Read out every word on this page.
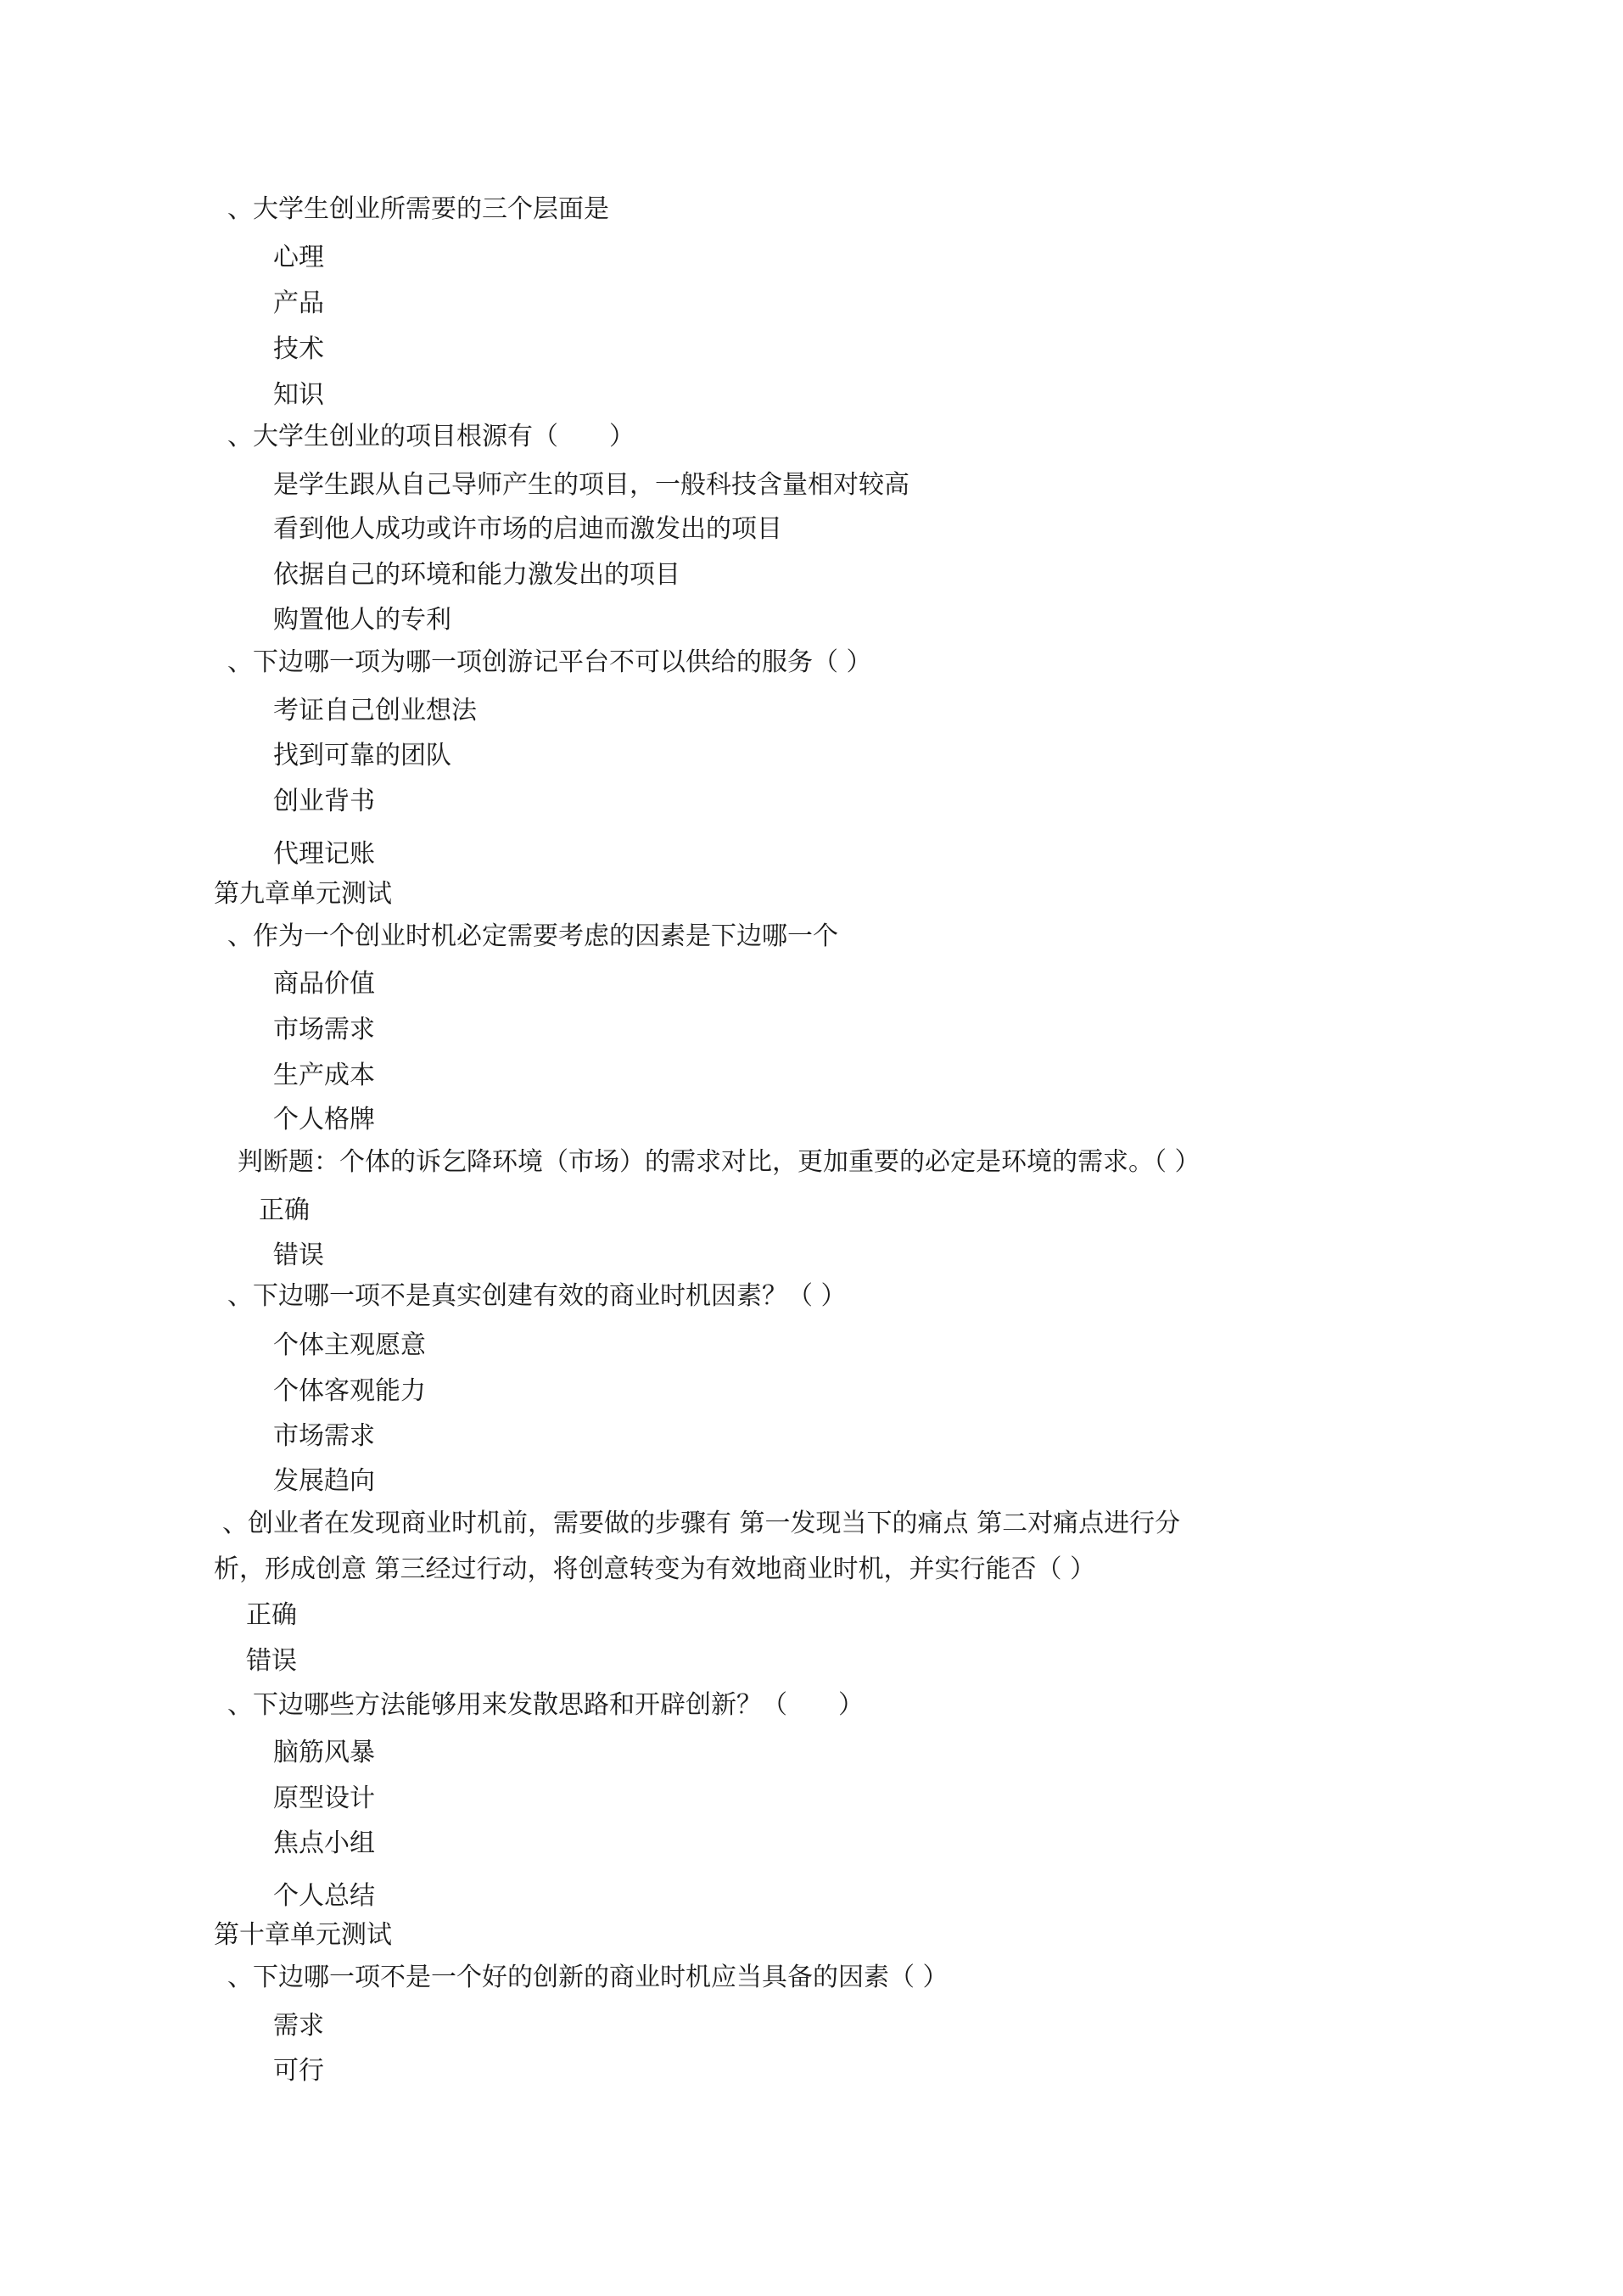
、大学生创业所需要的三个层面是
心理
产品
技术
知识
、大学生创业的项目根源有（　　）
是学生跟从自己导师产生的项目，一般科技含量相对较高
看到他人成功或许市场的启迪而激发出的项目
依据自己的环境和能力激发出的项目
购置他人的专利
、下边哪一项为哪一项创游记平台不可以供给的服务（ ）
考证自己创业想法
找到可靠的团队
创业背书
代理记账
第九章单元测试
、作为一个创业时机必定需要考虑的因素是下边哪一个
商品价值
市场需求
生产成本
个人格牌
判断题：个体的诉乞降环境（市场）的需求对比，更加重要的必定是环境的需求。（ ）
正确
错误
、下边哪一项不是真实创建有效的商业时机因素？（ ）
个体主观愿意
个体客观能力
市场需求
发展趋向
、创业者在发现商业时机前，需要做的步骤有 第一发现当下的痛点 第二对痛点进行分
析，形成创意 第三经过行动，将创意转变为有效地商业时机，并实行能否（ ）
正确
错误
、下边哪些方法能够用来发散思路和开辟创新？（　　）
脑筋风暴
原型设计
焦点小组
个人总结
第十章单元测试
、下边哪一项不是一个好的创新的商业时机应当具备的因素（ ）
需求
可行
